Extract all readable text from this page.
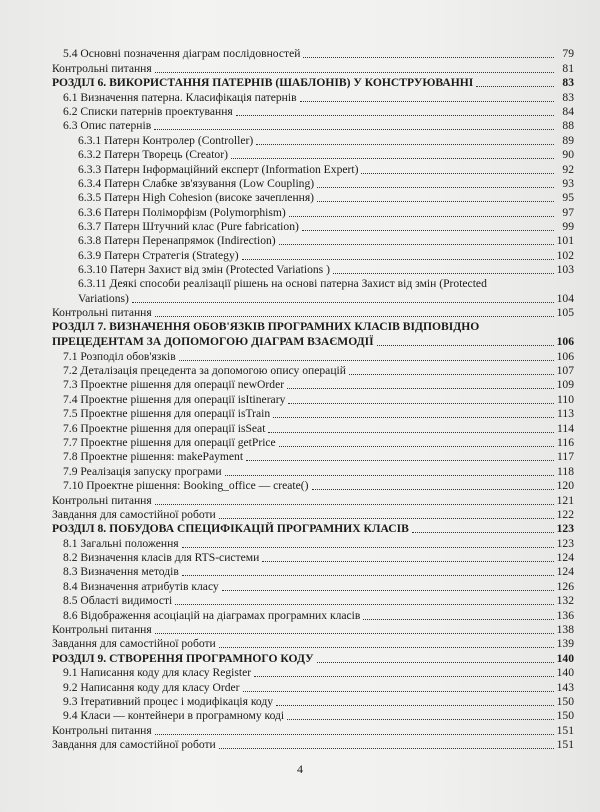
5.4 Основні позначення діаграм послідовностей	79
Контрольні питання	81
РОЗДІЛ 6. ВИКОРИСТАННЯ ПАТЕРНІВ (ШАБЛОНІВ) У КОНСТРУЮВАННІ	83
6.1 Визначення патерна. Класифікація патернів	83
6.2 Списки патернів проектування	84
6.3 Опис патернів	88
6.3.1 Патерн Контролер (Controller)	89
6.3.2 Патерн Творець (Creator)	90
6.3.3 Патерн Інформаційний експерт (Information Expert)	92
6.3.4 Патерн Слабке зв'язування (Low Coupling)	93
6.3.5 Патерн High Cohesion (високе зачеплення)	95
6.3.6 Патерн Поліморфізм (Polymorphism)	97
6.3.7 Патерн Штучний клас (Pure fabrication)	99
6.3.8 Патерн Перенапрямок (Indirection)	101
6.3.9 Патерн Стратегія (Strategy)	102
6.3.10 Патерн Захист від змін (Protected Variations )	103
6.3.11 Деякі способи реалізації рішень на основі патерна Захист від змін (Protected
Variations)	104
Контрольні питання	105
РОЗДІЛ 7. ВИЗНАЧЕННЯ ОБОВ'ЯЗКІВ ПРОГРАМНИХ КЛАСІВ ВІДПОВІДНО
ПРЕЦЕДЕНТАМ ЗА ДОПОМОГОЮ ДІАГРАМ ВЗАЄМОДІЇ	106
7.1 Розподіл обов'язків	106
7.2 Деталізація прецедента за допомогою опису операцій	107
7.3 Проектне рішення для операції newOrder	109
7.4 Проектне рішення для операції isItinerary	110
7.5 Проектне рішення для операції isTrain	113
7.6 Проектне рішення для операції isSeat	114
7.7 Проектне рішення для операції getPrice	116
7.8 Проектне рішення: makePayment	117
7.9 Реалізація запуску програми	118
7.10 Проектне рішення: Booking_office — create()	120
Контрольні питання	121
Завдання для самостійної роботи	122
РОЗДІЛ 8. ПОБУДОВА СПЕЦИФІКАЦІЙ ПРОГРАМНИХ КЛАСІВ	123
8.1 Загальні положення	123
8.2 Визначення класів для RTS-системи	124
8.3 Визначення методів	124
8.4 Визначення атрибутів класу	126
8.5 Області видимості	132
8.6 Відображення асоціацій на діаграмах програмних класів	136
Контрольні питання	138
Завдання для самостійної роботи	139
РОЗДІЛ 9. СТВОРЕННЯ ПРОГРАМНОГО КОДУ	140
9.1 Написання коду для класу Register	140
9.2 Написання коду для класу Order	143
9.3 Ітеративний процес і модифікація коду	150
9.4 Класи — контейнери в програмному коді	150
Контрольні питання	151
Завдання для самостійної роботи	151
4
